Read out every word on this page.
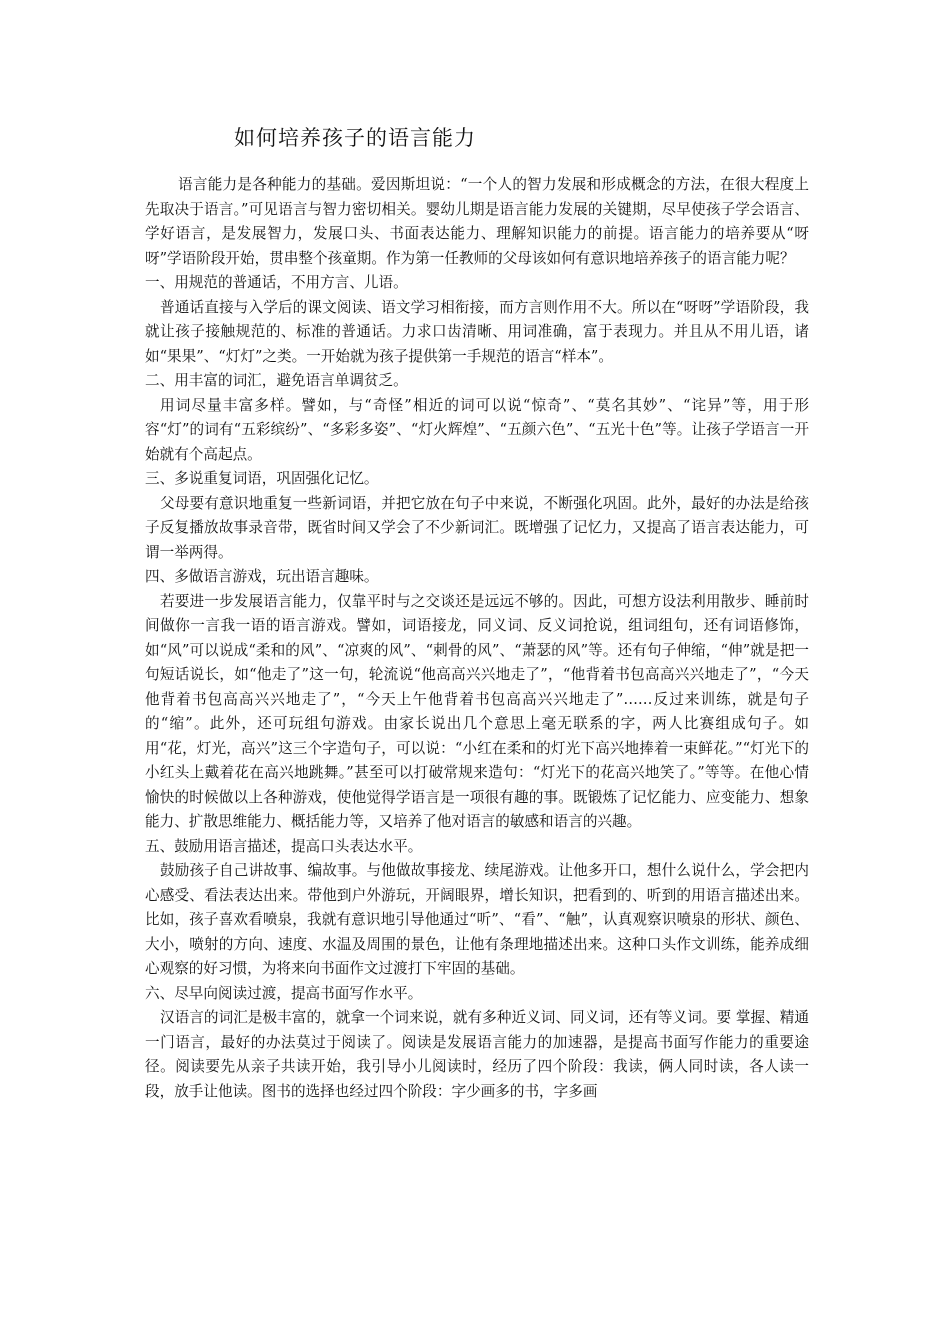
如何培养孩子的语言能力

语言能力是各种能力的基础。爱因斯坦说：“一个人的智力发展和形成概念的方法，在很大程度上先取决于语言。”可见语言与智力密切相关。婴幼儿期是语言能力发展的关键期，尽早使孩子学会语言、学好语言，是发展智力，发展口头、书面表达能力、理解知识能力的前提。语言能力的培养要从“呀呀”学语阶段开始，贯串整个孩童期。作为第一任教师的父母该如何有意识地培养孩子的语言能力呢？

一、用规范的普通话，不用方言、儿语。

普通话直接与入学后的课文阅读、语文学习相衔接，而方言则作用不大。所以在“呀呀”学语阶段，我就让孩子接触规范的、标准的普通话。力求口齿清晰、用词准确，富于表现力。并且从不用儿语，诸如“果果”、“灯灯”之类。一开始就为孩子提供第一手规范的语言“样本”。

二、用丰富的词汇，避免语言单调贫乏。

用词尽量丰富多样。譬如，与“奇怪”相近的词可以说“惊奇”、“莫名其妙”、“诧异”等，用于形容“灯”的词有“五彩缤纷”、“多彩多姿”、“灯火辉煌”、“五颜六色”、“五光十色”等。让孩子学语言一开始就有个高起点。

三、多说重复词语，巩固强化记忆。

父母要有意识地重复一些新词语，并把它放在句子中来说，不断强化巩固。此外，最好的办法是给孩子反复播放故事录音带，既省时间又学会了不少新词汇。既增强了记忆力，又提高了语言表达能力，可谓一举两得。

四、多做语言游戏，玩出语言趣味。

若要进一步发展语言能力，仅靠平时与之交谈还是远远不够的。因此，可想方设法利用散步、睡前时间做你一言我一语的语言游戏。譬如，词语接龙，同义词、反义词抢说，组词组句，还有词语修饰，如“风”可以说成“柔和的风”、“凉爽的风”、“刺骨的风”、“萧瑟的风”等。还有句子伸缩，“伸”就是把一句短话说长，如“他走了”这一句，轮流说“他高高兴兴地走了”，“他背着书包高高兴兴地走了”，“今天他背着书包高高兴兴地走了”，“今天上午他背着书包高高兴兴地走了”……反过来训练，就是句子的“缩”。此外，还可玩组句游戏。由家长说出几个意思上毫无联系的字，两人比赛组成句子。如用“花，灯光，高兴”这三个字造句子，可以说：“小红在柔和的灯光下高兴地捧着一束鲜花。”“灯光下的小红头上戴着花在高兴地跳舞。”甚至可以打破常规来造句：“灯光下的花高兴地笑了。”等等。在他心情愉快的时候做以上各种游戏，使他觉得学语言是一项很有趣的事。既锻炼了记忆能力、应变能力、想象能力、扩散思维能力、概括能力等，又培养了他对语言的敏感和语言的兴趣。

五、鼓励用语言描述，提高口头表达水平。

鼓励孩子自己讲故事、编故事。与他做故事接龙、续尾游戏。让他多开口，想什么说什么，学会把内心感受、看法表达出来。带他到户外游玩，开阔眼界，增长知识，把看到的、听到的用语言描述出来。比如，孩子喜欢看喷泉，我就有意识地引导他通过“听”、“看”、“触”，认真观察识喷泉的形状、颜色、大小，喷射的方向、速度、水温及周围的景色，让他有条理地描述出来。这种口头作文训练，能养成细心观察的好习惯，为将来向书面作文过渡打下牢固的基础。

六、尽早向阅读过渡，提高书面写作水平。

汉语言的词汇是极丰富的，就拿一个词来说，就有多种近义词、同义词，还有等义词。要 掌握、精通一门语言，最好的办法莫过于阅读了。阅读是发展语言能力的加速器，是提高书面写作能力的重要途径。阅读要先从亲子共读开始，我引导小儿阅读时，经历了四个阶段：我读，俩人同时读，各人读一段，放手让他读。图书的选择也经过四个阶段：字少画多的书，字多画
